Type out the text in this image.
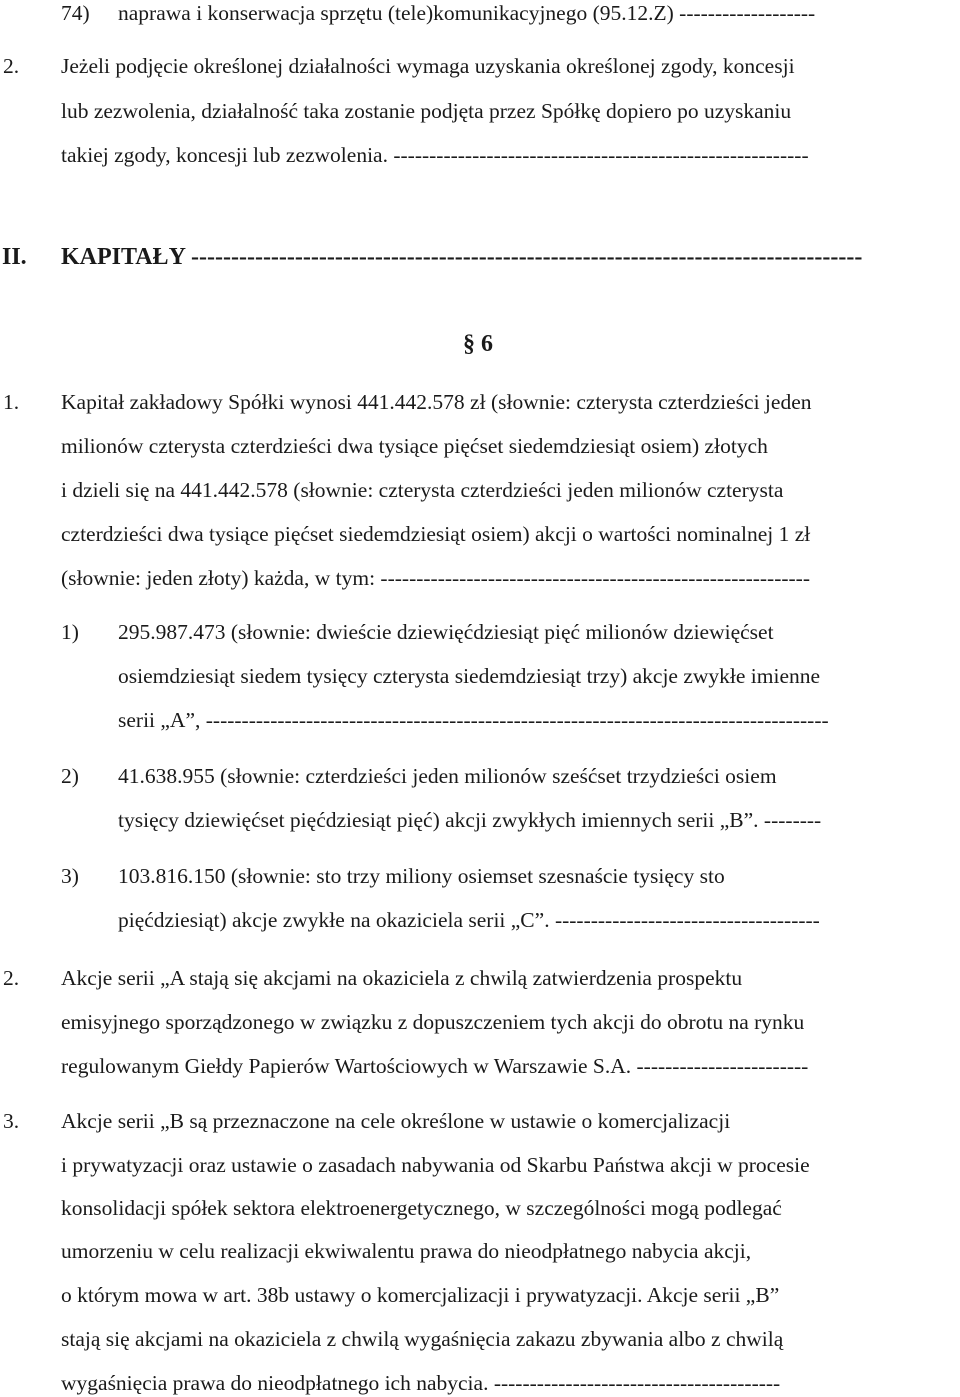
74) naprawa i konserwacja sprzętu (tele)komunikacyjnego (95.12.Z) -------------------
2. Jeżeli podjęcie określonej działalności wymaga uzyskania określonej zgody, koncesji
lub zezwolenia, działalność taka zostanie podjęta przez Spółkę dopiero po uzyskaniu
takiej zgody, koncesji lub zezwolenia. ----------------------------------------------------------
II. KAPITAŁY ------------------------------------------------------------------------------------
§ 6
1. Kapitał zakładowy Spółki wynosi 441.442.578 zł (słownie: czterysta czterdzieści jeden
milionów czterysta czterdzieści dwa tysiące pięćset siedemdziesiąt osiem) złotych
i dzieli się na 441.442.578 (słownie: czterysta czterdzieści jeden milionów czterysta
czterdzieści dwa tysiące pięćset siedemdziesiąt osiem) akcji o wartości nominalnej 1 zł
(słownie: jeden złoty) każda, w tym: ------------------------------------------------------------
1) 295.987.473 (słownie: dwieście dziewięćdziesiąt pięć milionów dziewięćset
osiemdziesiąt siedem tysięcy czterysta siedemdziesiąt trzy) akcje zwykłe imienne
serii „A”, ---------------------------------------------------------------------------------------
2) 41.638.955 (słownie: czterdzieści jeden milionów sześćset trzydzieści osiem
tysięcy dziewięćset pięćdziesiąt pięć) akcji zwykłych imiennych serii „B”. --------
3) 103.816.150 (słownie: sto trzy miliony osiemset szesnaście tysięcy sto
pięćdziesiąt) akcje zwykłe na okaziciela serii „C”. -------------------------------------
2. Akcje serii „A stają się akcjami na okaziciela z chwilą zatwierdzenia prospektu
emisyjnego sporządzonego w związku z dopuszczeniem tych akcji do obrotu na rynku
regulowanym Giełdy Papierów Wartościowych w Warszawie S.A. ------------------------
3. Akcje serii „B są przeznaczone na cele określone w ustawie o komercjalizacji
i prywatyzacji oraz ustawie o zasadach nabywania od Skarbu Państwa akcji w procesie
konsolidacji spółek sektora elektroenergetycznego, w szczególności mogą podlegać
umorzeniu w celu realizacji ekwiwalentu prawa do nieodpłatnego nabycia akcji,
o którym mowa w art. 38b ustawy o komercjalizacji i prywatyzacji. Akcje serii „B”
stają się akcjami na okaziciela z chwilą wygaśnięcia zakazu zbywania albo z chwilą
wygaśnięcia prawa do nieodpłatnego ich nabycia. ----------------------------------------
